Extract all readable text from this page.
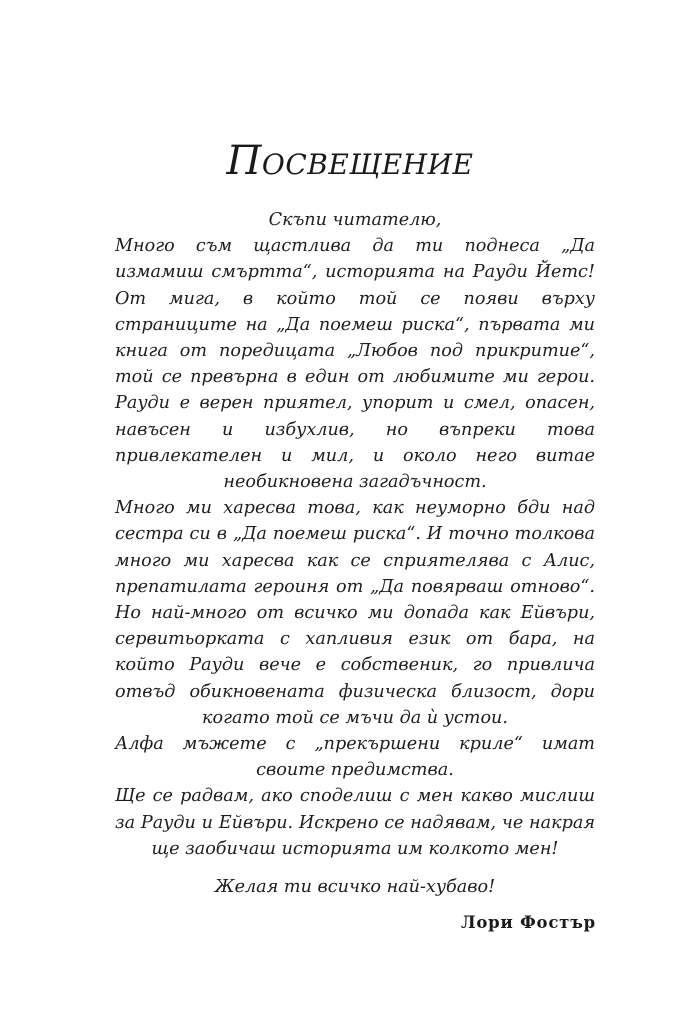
Посвещение

Скъпи читателю,

Много съм щастлива да ти поднеса „Да измамиш смъртта“, историята на Рауди Йетс! От мига, в който той се появи върху страниците на „Да поемеш риска“, първата ми книга от поредицата „Любов под прикритие“, той се превърна в един от любимите ми герои. Рауди е верен приятел, упорит и смел, опасен, навъсен и избухлив, но въпреки това привлекателен и мил, и около него витае необикновена загадъчност.

Много ми харесва това, как неуморно бди над сестра си в „Да поемеш риска“. И точно толкова много ми харесва как се сприятелява с Алис, препатилата героиня от „Да повярваш отново“. Но най-много от всичко ми допада как Ейвъри, сервитьорката с хапливия език от бара, на който Рауди вече е собственик, го привлича отвъд обикновената физическа близост, дори когато той се мъчи да ѝ устои.

Алфа мъжете с „прекършени криле“ имат своите предимства.

Ще се радвам, ако споделиш с мен какво мислиш за Рауди и Ейвъри. Искрено се надявам, че накрая ще заобичаш историята им колкото мен!

Желая ти всичко най-хубаво!

Лори Фостър
